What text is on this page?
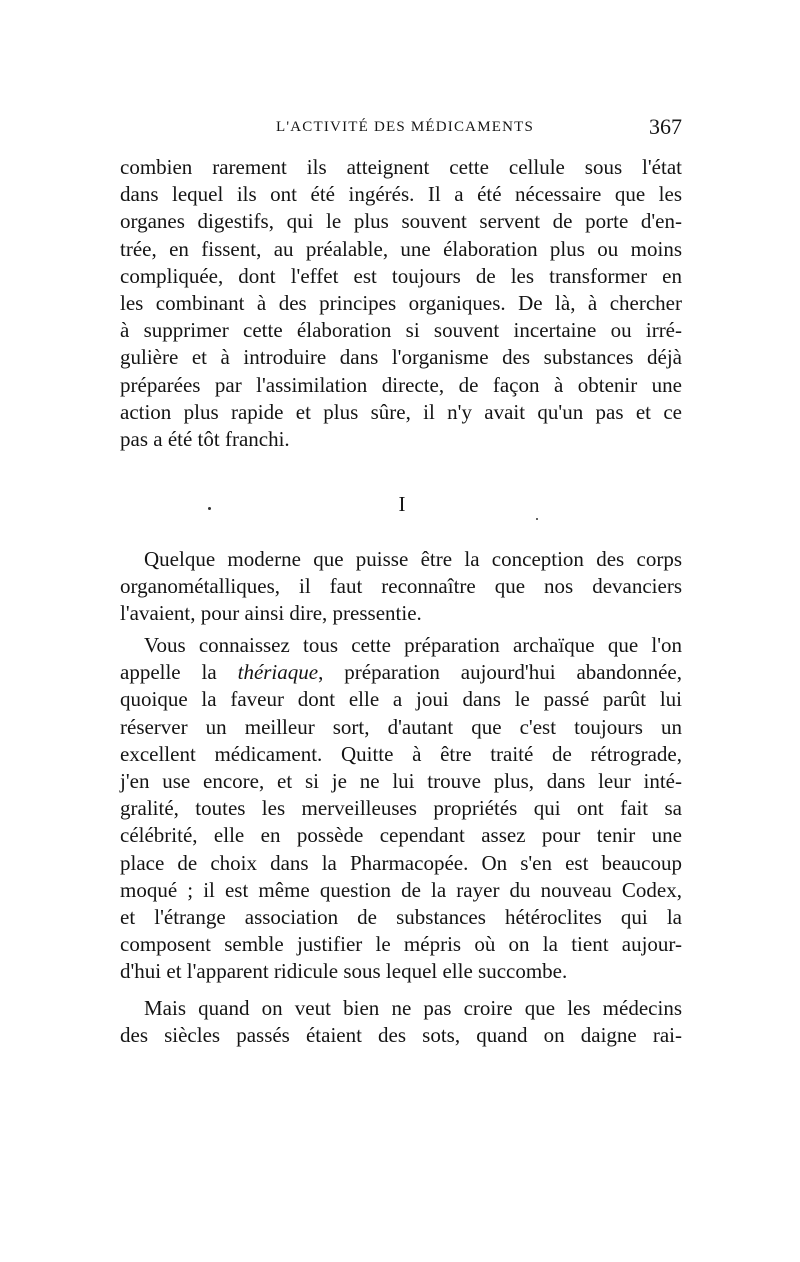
L'ACTIVITÉ DES MÉDICAMENTS	367
combien rarement ils atteignent cette cellule sous l'état
dans lequel ils ont été ingérés. Il a été nécessaire que les
organes digestifs, qui le plus souvent servent de porte d'en-
trée, en fissent, au préalable, une élaboration plus ou moins
compliquée, dont l'effet est toujours de les transformer en
les combinant à des principes organiques. De là, à chercher
à supprimer cette élaboration si souvent incertaine ou irré-
gulière et à introduire dans l'organisme des substances déjà
préparées par l'assimilation directe, de façon à obtenir une
action plus rapide et plus sûre, il n'y avait qu'un pas et ce
pas a été tôt franchi.
I
Quelque moderne que puisse être la conception des corps
organométalliques, il faut reconnaître que nos devanciers
l'avaient, pour ainsi dire, pressentie.
Vous connaissez tous cette préparation archaïque que l'on
appelle la thériaque, préparation aujourd'hui abandonnée,
quoique la faveur dont elle a joui dans le passé parût lui
réserver un meilleur sort, d'autant que c'est toujours un
excellent médicament. Quitte à être traité de rétrograde,
j'en use encore, et si je ne lui trouve plus, dans leur inté-
gralité, toutes les merveilleuses propriétés qui ont fait sa
célébrité, elle en possède cependant assez pour tenir une
place de choix dans la Pharmacopée. On s'en est beaucoup
moqué ; il est même question de la rayer du nouveau Codex,
et l'étrange association de substances hétéroclites qui la
composent semble justifier le mépris où on la tient aujour-
d'hui et l'apparent ridicule sous lequel elle succombe.
Mais quand on veut bien ne pas croire que les médecins
des siècles passés étaient des sots, quand on daigne rai-
